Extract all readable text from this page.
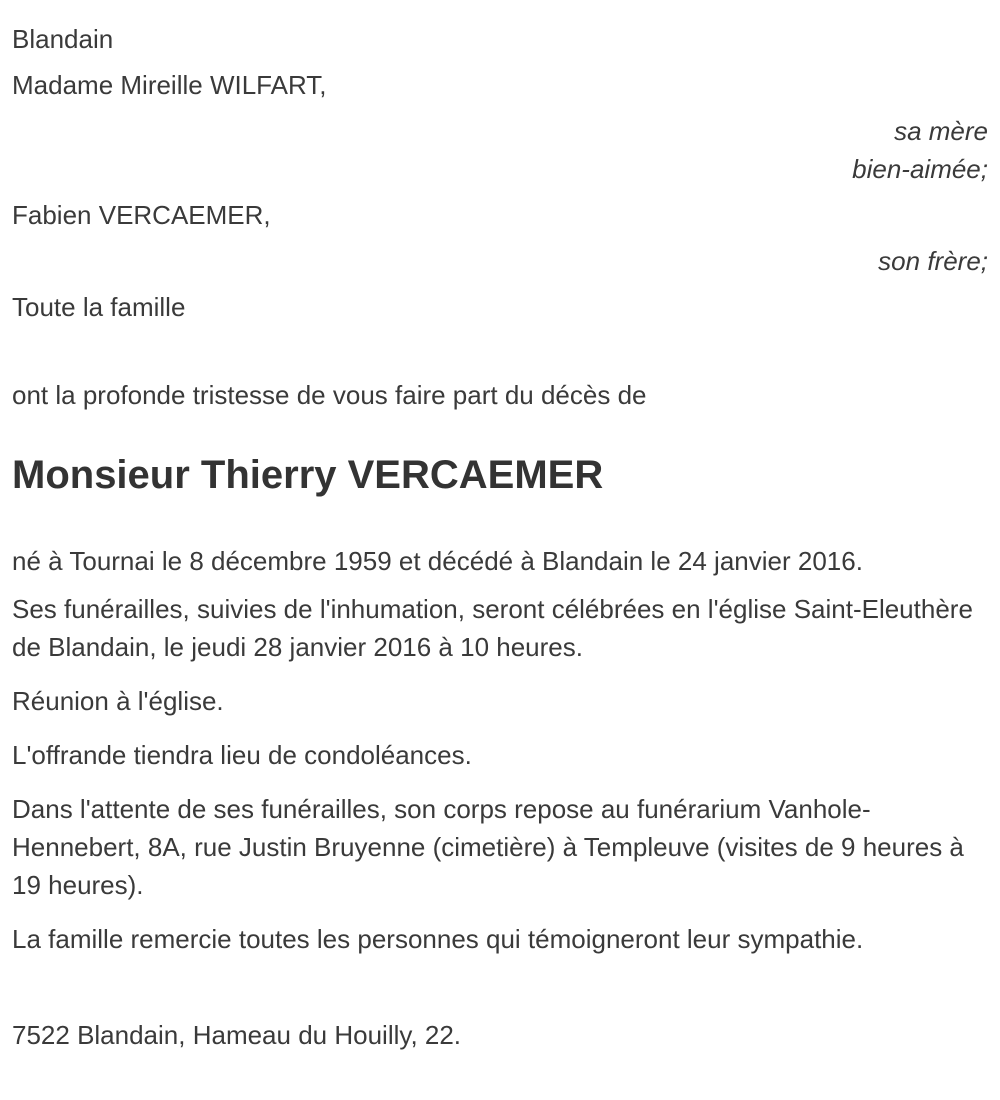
Blandain

Madame Mireille WILFART,

sa mère

bien-aimée;

Fabien VERCAEMER,

son frère;

Toute la famille

ont la profonde tristesse de vous faire part du décès de

Monsieur Thierry VERCAEMER

né à Tournai le 8 décembre 1959 et décédé à Blandain le 24 janvier 2016.

Ses funérailles, suivies de l'inhumation, seront célébrées en l'église Saint-Eleuthère de Blandain, le jeudi 28 janvier 2016 à 10 heures.

Réunion à l'église.

L'offrande tiendra lieu de condoléances.

Dans l'attente de ses funérailles, son corps repose au funérarium Vanhole-Hennebert, 8A, rue Justin Bruyenne (cimetière) à Templeuve (visites de 9 heures à 19 heures).

La famille remercie toutes les personnes qui témoigneront leur sympathie.

7522 Blandain, Hameau du Houilly, 22.
